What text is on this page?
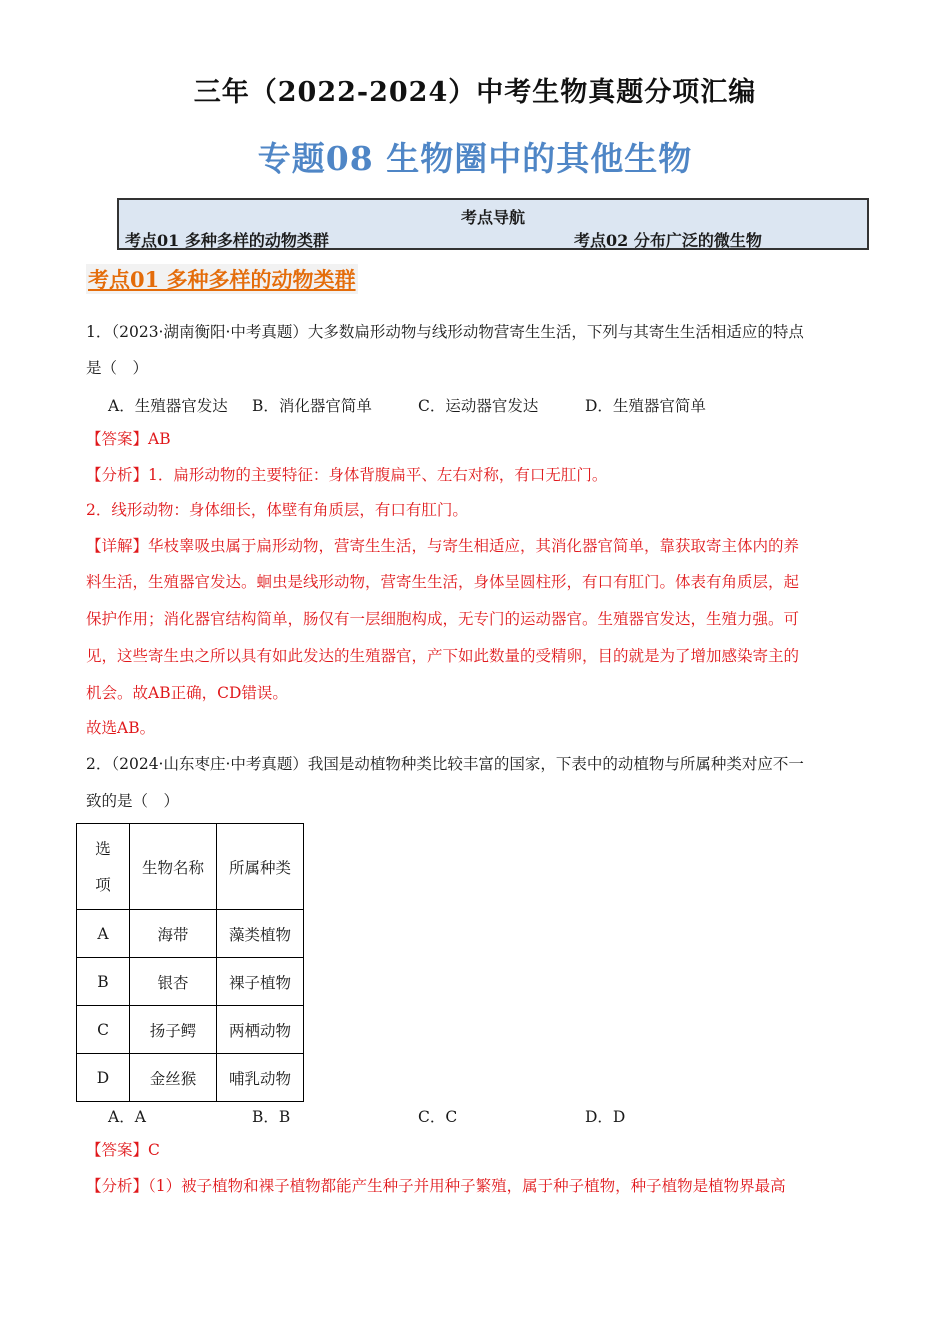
三年（2022-2024）中考生物真题分项汇编
专题08 生物圈中的其他生物
考点导航
考点01 多种多样的动物类群	考点02 分布广泛的微生物
考点01 多种多样的动物类群
1．（2023·湖南衡阳·中考真题）大多数扁形动物与线形动物营寄生生活，下列与其寄生生活相适应的特点
是（　）
A．生殖器官发达 B．消化器官简单	C．运动器官发达	D．生殖器官简单
【答案】AB
【分析】1．扁形动物的主要特征：身体背腹扁平、左右对称，有口无肛门。
2．线形动物：身体细长，体壁有角质层，有口有肛门。
【详解】华枝睾吸虫属于扁形动物，营寄生生活，与寄生相适应，其消化器官简单，靠获取寄主体内的养
料生活，生殖器官发达。蛔虫是线形动物，营寄生生活，身体呈圆柱形，有口有肛门。体表有角质层，起
保护作用；消化器官结构简单，肠仅有一层细胞构成，无专门的运动器官。生殖器官发达，生殖力强。可
见，这些寄生虫之所以具有如此发达的生殖器官，产下如此数量的受精卵，目的就是为了增加感染寄主的
机会。故AB正确，CD错误。
故选AB。
2．（2024·山东枣庄·中考真题）我国是动植物种类比较丰富的国家，下表中的动植物与所属种类对应不一
致的是（　）
选
项	生物名称	所属种类
A	海带	藻类植物
B	银杏	裸子植物
C	扬子鳄	两栖动物
D	金丝猴	哺乳动物
A．A	B．B	C．C	D．D
【答案】C
【分析】（1）被子植物和裸子植物都能产生种子并用种子繁殖，属于种子植物，种子植物是植物界最高
